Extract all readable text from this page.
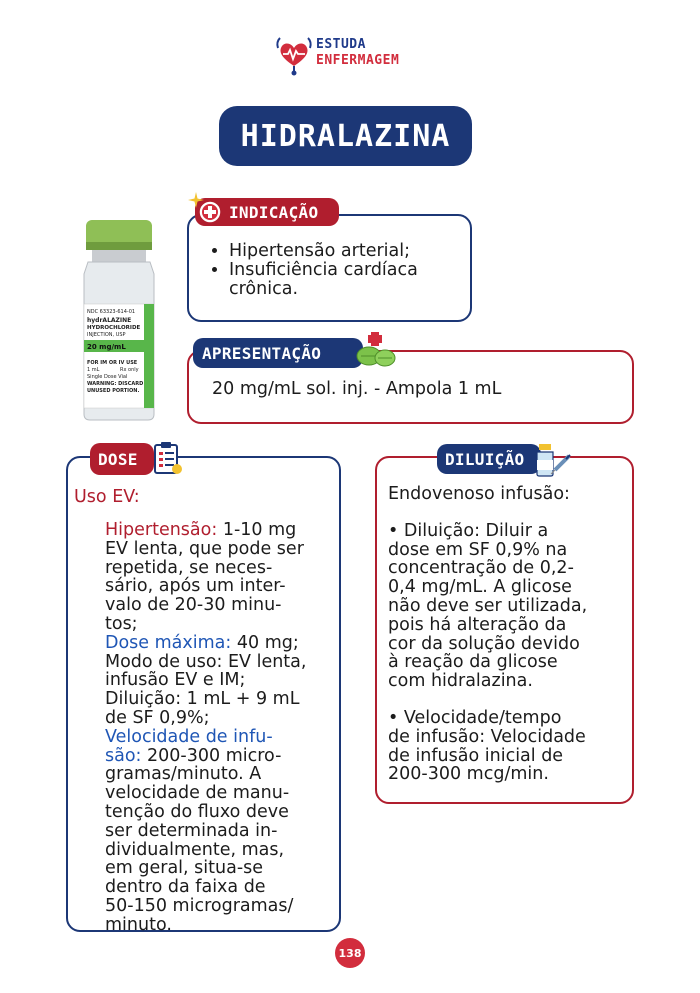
ESTUDA
ENFERMAGEM
HIDRALAZINA
NDC 63323-614-01
hydrALAZINE
HYDROCHLORIDE
INJECTION, USP
20 mg/mL
FOR IM OR IV USE
1 mL	Rx only
Single Dose Vial
WARNING: DISCARD
UNUSED PORTION.
INDICAÇÃO
• Hipertensão arterial;
• Insuficiência cardíaca crônica.
APRESENTAÇÃO
20 mg/mL sol. inj. - Ampola 1 mL
DOSE
Uso EV:
Hipertensão: 1-10 mg
EV lenta, que pode ser
repetida, se neces-
sário, após um inter-
valo de 20-30 minu-
tos;
Dose máxima: 40 mg;
Modo de uso: EV lenta,
infusão EV e IM;
Diluição: 1 mL + 9 mL
de SF 0,9%;
Velocidade de infu-
são: 200-300 micro-
gramas/minuto. A
velocidade de manu-
tenção do fluxo deve
ser determinada in-
dividualmente, mas,
em geral, situa-se
dentro da faixa de
50-150 microgramas/
minuto.
DILUIÇÃO
Endovenoso infusão:
• Diluição: Diluir a
dose em SF 0,9% na
concentração de 0,2-
0,4 mg/mL. A glicose
não deve ser utilizada,
pois há alteração da
cor da solução devido
à reação da glicose
com hidralazina.
• Velocidade/tempo
de infusão: Velocidade
de infusão inicial de
200-300 mcg/min.
138
